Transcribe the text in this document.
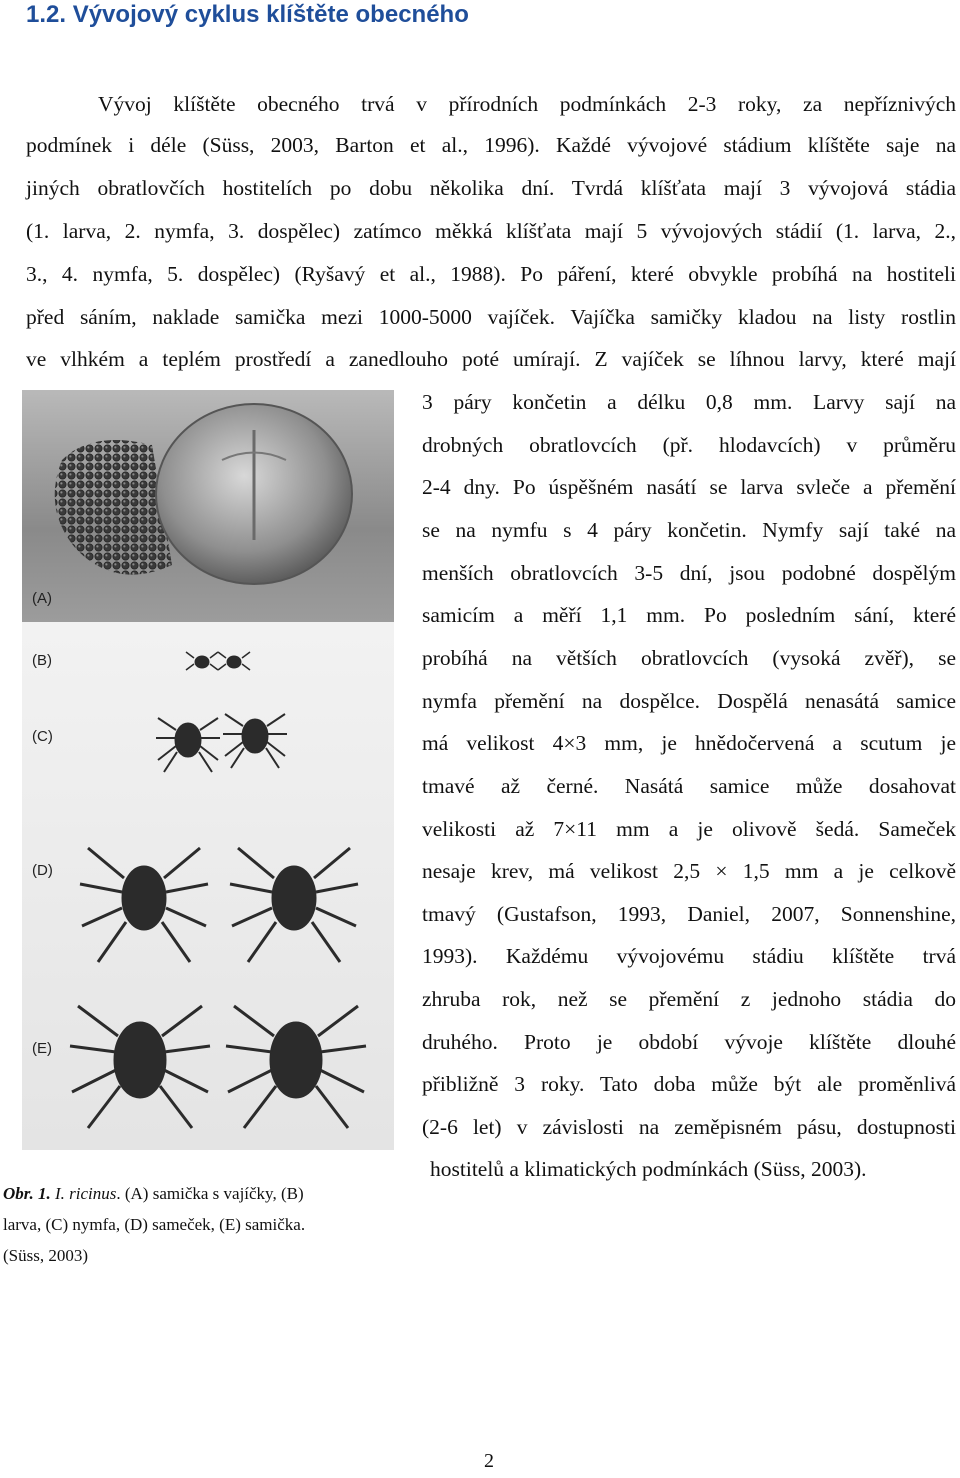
1.2. Vývojový cyklus klíštěte obecného

Vývoj klíštěte obecného trvá v přírodních podmínkách 2-3 roky, za nepříznivých

podmínek i déle (Süss, 2003, Barton et al., 1996). Každé vývojové stádium klíštěte saje na

jiných obratlovčích hostitelích po dobu několika dní. Tvrdá klíšťata mají 3 vývojová stádia

(1. larva, 2. nymfa, 3. dospělec) zatímco měkká klíšťata mají 5 vývojových stádií (1. larva, 2.,

3., 4. nymfa, 5. dospělec) (Ryšavý et al., 1988). Po páření, které obvykle probíhá na hostiteli

před sáním, naklade samička mezi 1000-5000 vajíček. Vajíčka samičky kladou na listy rostlin

ve vlhkém a teplém prostředí a zanedlouho poté umírají. Z vajíček se líhnou larvy, které mají

(A)
(B)
(C)
(D)
(E)

3 páry končetin a délku 0,8 mm. Larvy sají na

drobných obratlovcích (př. hlodavcích) v průměru

2-4 dny. Po úspěšném nasátí se larva svleče a přemění

se na nymfu s 4 páry končetin. Nymfy sají také na

menších obratlovcích 3-5 dní, jsou podobné dospělým

samicím a měří 1,1 mm. Po posledním sání, které

probíhá na větších obratlovcích (vysoká zvěř), se

nymfa přemění na dospělce. Dospělá nenasátá samice

má velikost 4×3 mm, je hnědočervená a scutum je

tmavé až černé. Nasátá samice může dosahovat

velikosti až 7×11 mm a je olivově šedá. Sameček

nesaje krev, má velikost 2,5 × 1,5 mm a je celkově

tmavý (Gustafson, 1993, Daniel, 2007, Sonnenshine,

1993). Každému vývojovému stádiu klíštěte trvá

zhruba rok, než se přemění z jednoho stádia do

druhého. Proto je období vývoje klíštěte dlouhé

přibližně 3 roky. Tato doba může být ale proměnlivá

(2-6 let) v závislosti na zeměpisném pásu, dostupnosti

hostitelů a klimatických podmínkách (Süss, 2003).

Obr. 1. I. ricinus. (A) samička s vajíčky, (B)
larva, (C) nymfa, (D) sameček, (E) samička.
(Süss, 2003)
2
